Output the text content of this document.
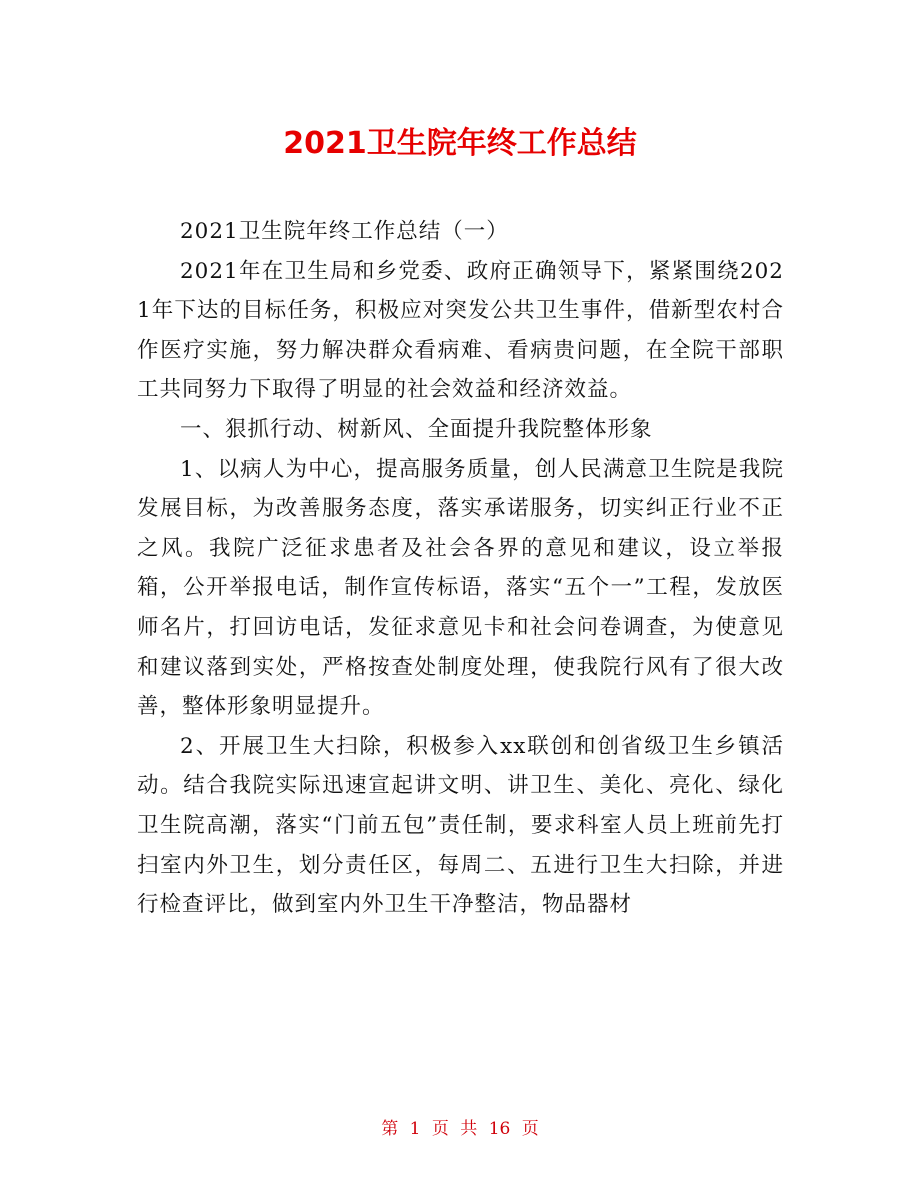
2021卫生院年终工作总结

2021卫生院年终工作总结（一）

2021年在卫生局和乡党委、政府正确领导下，紧紧围绕2021年下达的目标任务，积极应对突发公共卫生事件，借新型农村合作医疗实施，努力解决群众看病难、看病贵问题，在全院干部职工共同努力下取得了明显的社会效益和经济效益。

一、狠抓行动、树新风、全面提升我院整体形象

1、以病人为中心，提高服务质量，创人民满意卫生院是我院发展目标，为改善服务态度，落实承诺服务，切实纠正行业不正之风。我院广泛征求患者及社会各界的意见和建议，设立举报箱，公开举报电话，制作宣传标语，落实“五个一”工程，发放医师名片，打回访电话，发征求意见卡和社会问卷调查，为使意见和建议落到实处，严格按查处制度处理，使我院行风有了很大改善，整体形象明显提升。

2、开展卫生大扫除，积极参入xx联创和创省级卫生乡镇活动。结合我院实际迅速宣起讲文明、讲卫生、美化、亮化、绿化卫生院高潮，落实“门前五包”责任制，要求科室人员上班前先打扫室内外卫生，划分责任区，每周二、五进行卫生大扫除，并进行检查评比，做到室内外卫生干净整洁，物品器材

第 1 页 共 16 页
